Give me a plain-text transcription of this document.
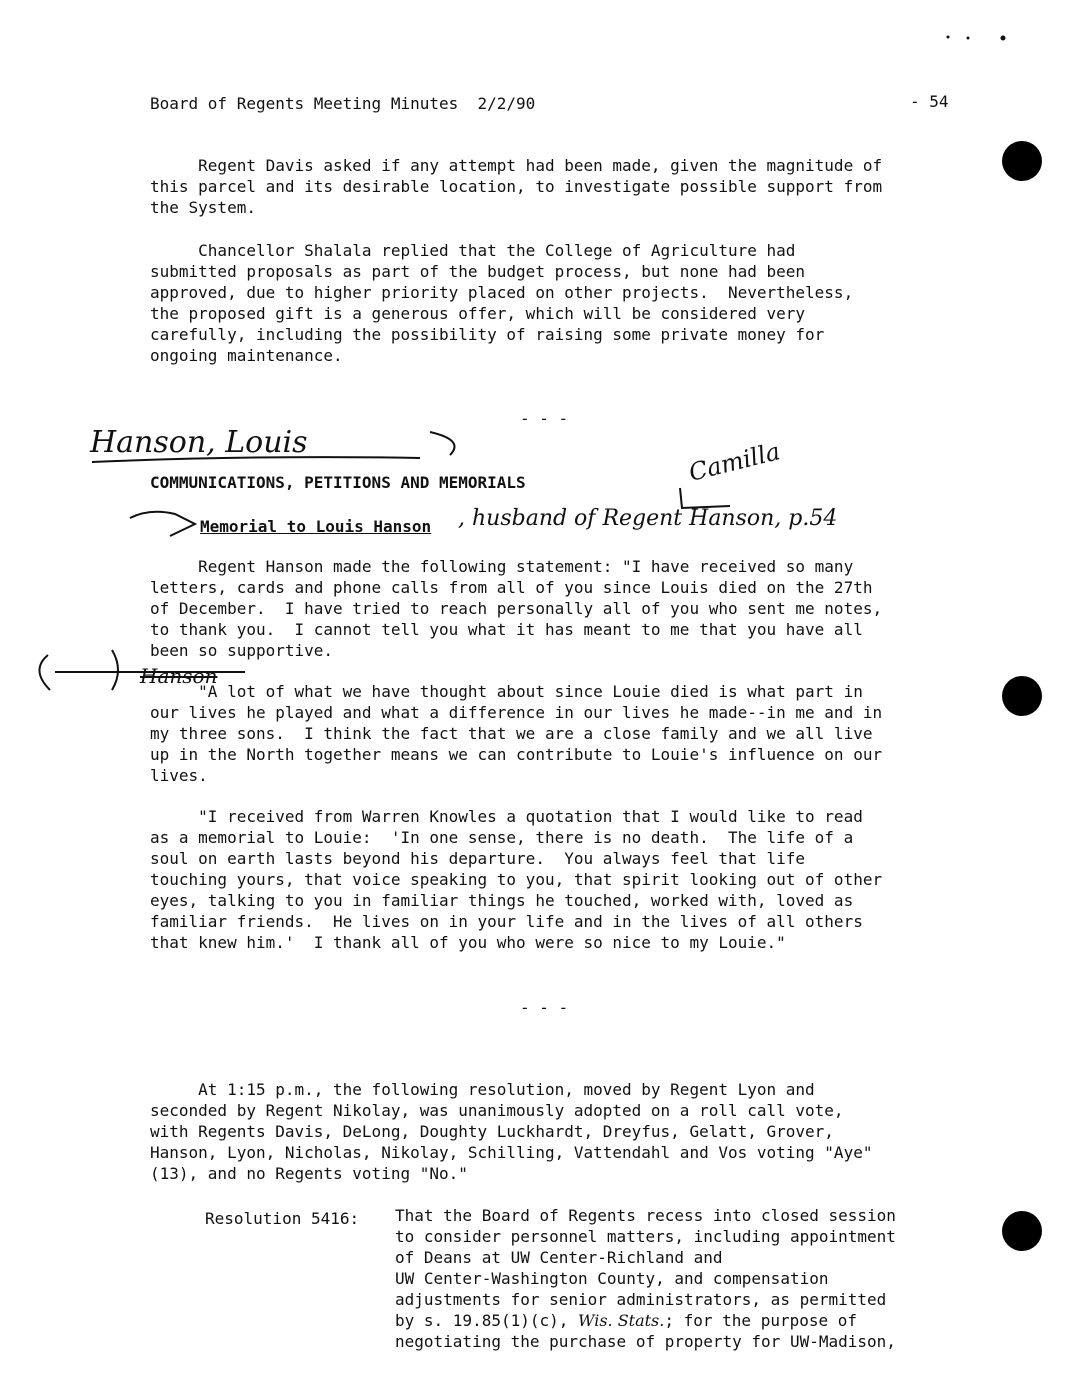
Board of Regents Meeting Minutes  2/2/90	- 54
Regent Davis asked if any attempt had been made, given the magnitude of
this parcel and its desirable location, to investigate possible support from
the System.
Chancellor Shalala replied that the College of Agriculture had
submitted proposals as part of the budget process, but none had been
approved, due to higher priority placed on other projects.  Nevertheless,
the proposed gift is a generous offer, which will be considered very
carefully, including the possibility of raising some private money for
ongoing maintenance.
- - -
COMMUNICATIONS, PETITIONS AND MEMORIALS
Memorial to Louis Hanson
Regent Hanson made the following statement: "I have received so many
letters, cards and phone calls from all of you since Louis died on the 27th
of December.  I have tried to reach personally all of you who sent me notes,
to thank you.  I cannot tell you what it has meant to me that you have all
been so supportive.
"A lot of what we have thought about since Louie died is what part in
our lives he played and what a difference in our lives he made--in me and in
my three sons.  I think the fact that we are a close family and we all live
up in the North together means we can contribute to Louie's influence on our
lives.
"I received from Warren Knowles a quotation that I would like to read
as a memorial to Louie:  'In one sense, there is no death.  The life of a
soul on earth lasts beyond his departure.  You always feel that life
touching yours, that voice speaking to you, that spirit looking out of other
eyes, talking to you in familiar things he touched, worked with, loved as
familiar friends.  He lives on in your life and in the lives of all others
that knew him.'  I thank all of you who were so nice to my Louie."
- - -
At 1:15 p.m., the following resolution, moved by Regent Lyon and
seconded by Regent Nikolay, was unanimously adopted on a roll call vote,
with Regents Davis, DeLong, Doughty Luckhardt, Dreyfus, Gelatt, Grover,
Hanson, Lyon, Nicholas, Nikolay, Schilling, Vattendahl and Vos voting "Aye"
(13), and no Regents voting "No."
Resolution 5416: That the Board of Regents recess into closed session
to consider personnel matters, including appointment
of Deans at UW Center-Richland and
UW Center-Washington County, and compensation
adjustments for senior administrators, as permitted
by s. 19.85(1)(c), Wis. Stats.; for the purpose of
negotiating the purchase of property for UW-Madison,
Hanson, Louis	Camilla
, husband of Regent Hanson, p.54
Hanson
